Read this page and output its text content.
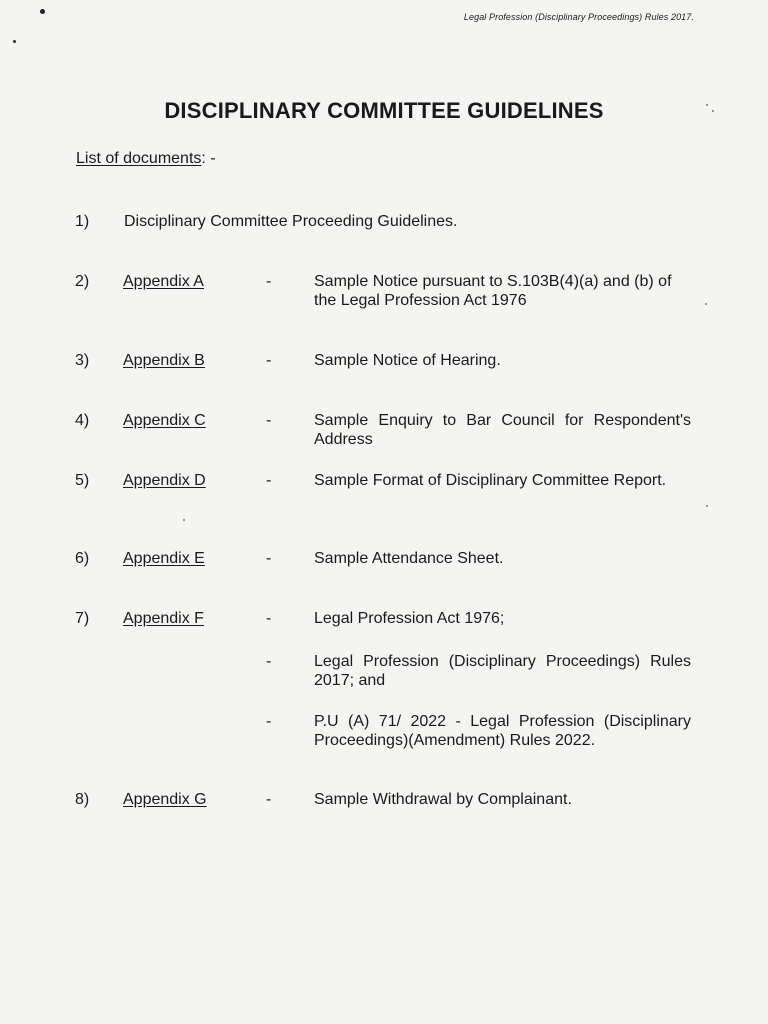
Legal Profession (Disciplinary Proceedings) Rules 2017.
DISCIPLINARY COMMITTEE GUIDELINES
List of documents: -
1) Disciplinary Committee Proceeding Guidelines.
2) Appendix A	-	Sample Notice pursuant to S.103B(4)(a) and (b) of the Legal Profession Act 1976
3) Appendix B	-	Sample Notice of Hearing.
4) Appendix C	-	Sample Enquiry to Bar Council for Respondent's Address
5) Appendix D	-	Sample Format of Disciplinary Committee Report.
6) Appendix E	-	Sample Attendance Sheet.
7) Appendix F	-	Legal Profession Act 1976;
-	Legal Profession (Disciplinary Proceedings) Rules 2017; and
-	P.U (A) 71/ 2022 - Legal Profession (Disciplinary Proceedings)(Amendment) Rules 2022.
8) Appendix G	-	Sample Withdrawal by Complainant.
